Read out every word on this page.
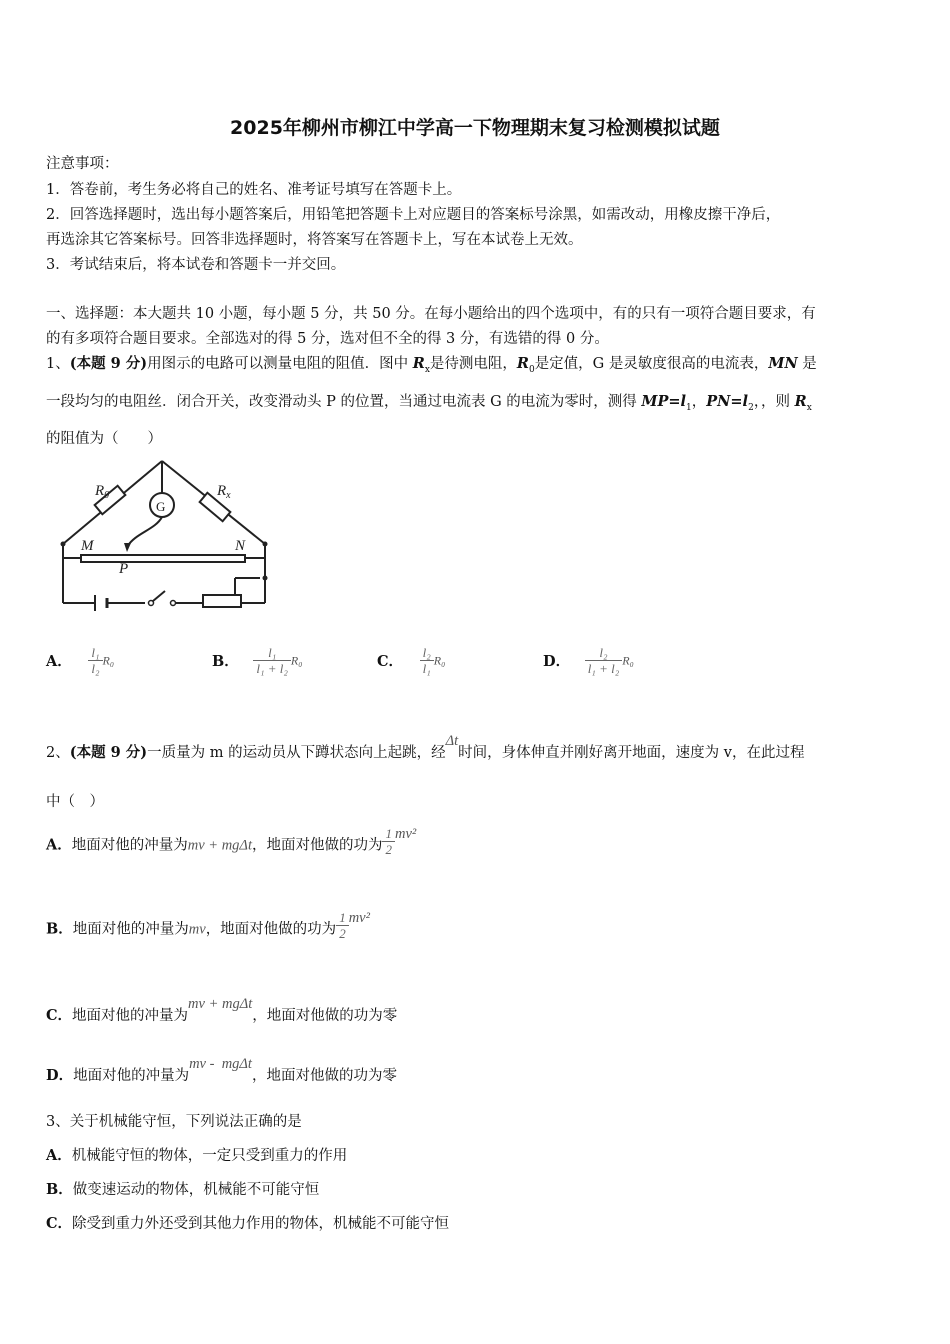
2025年柳州市柳江中学高一下物理期末复习检测模拟试题
注意事项：
1．答卷前，考生务必将自己的姓名、准考证号填写在答题卡上。
2．回答选择题时，选出每小题答案后，用铅笔把答题卡上对应题目的答案标号涂黑，如需改动，用橡皮擦干净后，
再选涂其它答案标号。回答非选择题时，将答案写在答题卡上，写在本试卷上无效。
3．考试结束后，将本试卷和答题卡一并交回。
一、选择题：本大题共 10 小题，每小题 5 分，共 50 分。在每小题给出的四个选项中，有的只有一项符合题目要求，有
的有多项符合题目要求。全部选对的得 5 分，选对但不全的得 3 分，有选错的得 0 分。
1、(本题 9 分)用图示的电路可以测量电阻的阻值．图中 $R_x$是待测电阻，$R_0$是定值，G 是灵敏度很高的电流表，MN 是
一段均匀的电阻丝．闭合开关，改变滑动头 P 的位置，当通过电流表 G 的电流为零时，测得 $MP=l_1$，$PN=l_2$，，则 $R_x$
的阻值为（　　）
$R_0$	$R_x$
G
M	N
P
A． $\frac{\text{l₁}}{\text{l₂}} R_0$	B． $\frac{\text{l₁}}{\text{l₁ + l₂}} R_0$	C． $\frac{\text{l₂}}{\text{l₁}} R_0$	D． $\frac{\text{l₂}}{\text{l₁ + l₂}} R_0$
2、(本题 9 分)一质量为 m 的运动员从下蹲状态向上起跳，经Δt时间，身体伸直并刚好离开地面，速度为 v，在此过程
中（　）
A．地面对他的冲量为mv + mgΔt，地面对他做的功为 $\frac{1}{2} mv^2$
B．地面对他的冲量为mv，地面对他做的功为 $\frac{1}{2} mv^2$
C．地面对他的冲量为mv + mgΔt，地面对他做的功为零
D．地面对他的冲量为mv -  mgΔt，地面对他做的功为零
3、关于机械能守恒，下列说法正确的是
A．机械能守恒的物体，一定只受到重力的作用
B．做变速运动的物体，机械能不可能守恒
C．除受到重力外还受到其他力作用的物体，机械能不可能守恒
